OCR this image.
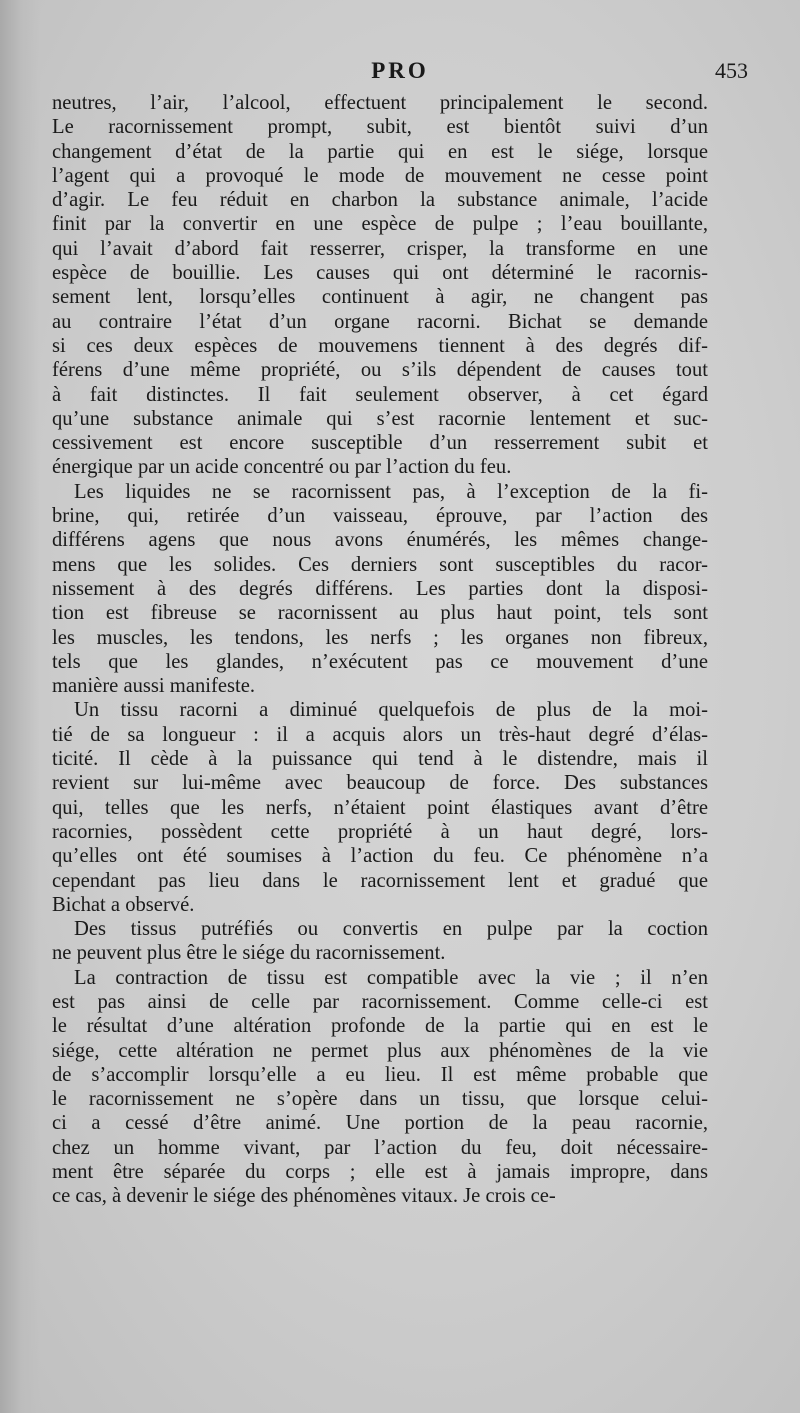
PRO	453
neutres, l’air, l’alcool, effectuent principalement le second.
Le racornissement prompt, subit, est bientôt suivi d’un
changement d’état de la partie qui en est le siége, lorsque
l’agent qui a provoqué le mode de mouvement ne cesse point
d’agir. Le feu réduit en charbon la substance animale, l’acide
finit par la convertir en une espèce de pulpe ; l’eau bouillante,
qui l’avait d’abord fait resserrer, crisper, la transforme en une
espèce de bouillie. Les causes qui ont déterminé le racornis-
sement lent, lorsqu’elles continuent à agir, ne changent pas
au contraire l’état d’un organe racorni. Bichat se demande
si ces deux espèces de mouvemens tiennent à des degrés dif-
férens d’une même propriété, ou s’ils dépendent de causes tout
à fait distinctes. Il fait seulement observer, à cet égard
qu’une substance animale qui s’est racornie lentement et suc-
cessivement est encore susceptible d’un resserrement subit et
énergique par un acide concentré ou par l’action du feu.
Les liquides ne se racornissent pas, à l’exception de la fi-
brine, qui, retirée d’un vaisseau, éprouve, par l’action des
différens agens que nous avons énumérés, les mêmes change-
mens que les solides. Ces derniers sont susceptibles du racor-
nissement à des degrés différens. Les parties dont la disposi-
tion est fibreuse se racornissent au plus haut point, tels sont
les muscles, les tendons, les nerfs ; les organes non fibreux,
tels que les glandes, n’exécutent pas ce mouvement d’une
manière aussi manifeste.
Un tissu racorni a diminué quelquefois de plus de la moi-
tié de sa longueur : il a acquis alors un très-haut degré d’élas-
ticité. Il cède à la puissance qui tend à le distendre, mais il
revient sur lui-même avec beaucoup de force. Des substances
qui, telles que les nerfs, n’étaient point élastiques avant d’être
racornies, possèdent cette propriété à un haut degré, lors-
qu’elles ont été soumises à l’action du feu. Ce phénomène n’a
cependant pas lieu dans le racornissement lent et gradué que
Bichat a observé.
Des tissus putréfiés ou convertis en pulpe par la coction
ne peuvent plus être le siége du racornissement.
La contraction de tissu est compatible avec la vie ; il n’en
est pas ainsi de celle par racornissement. Comme celle-ci est
le résultat d’une altération profonde de la partie qui en est le
siége, cette altération ne permet plus aux phénomènes de la vie
de s’accomplir lorsqu’elle a eu lieu. Il est même probable que
le racornissement ne s’opère dans un tissu, que lorsque celui-
ci a cessé d’être animé. Une portion de la peau racornie,
chez un homme vivant, par l’action du feu, doit nécessaire-
ment être séparée du corps ; elle est à jamais impropre, dans
ce cas, à devenir le siége des phénomènes vitaux. Je crois ce-
